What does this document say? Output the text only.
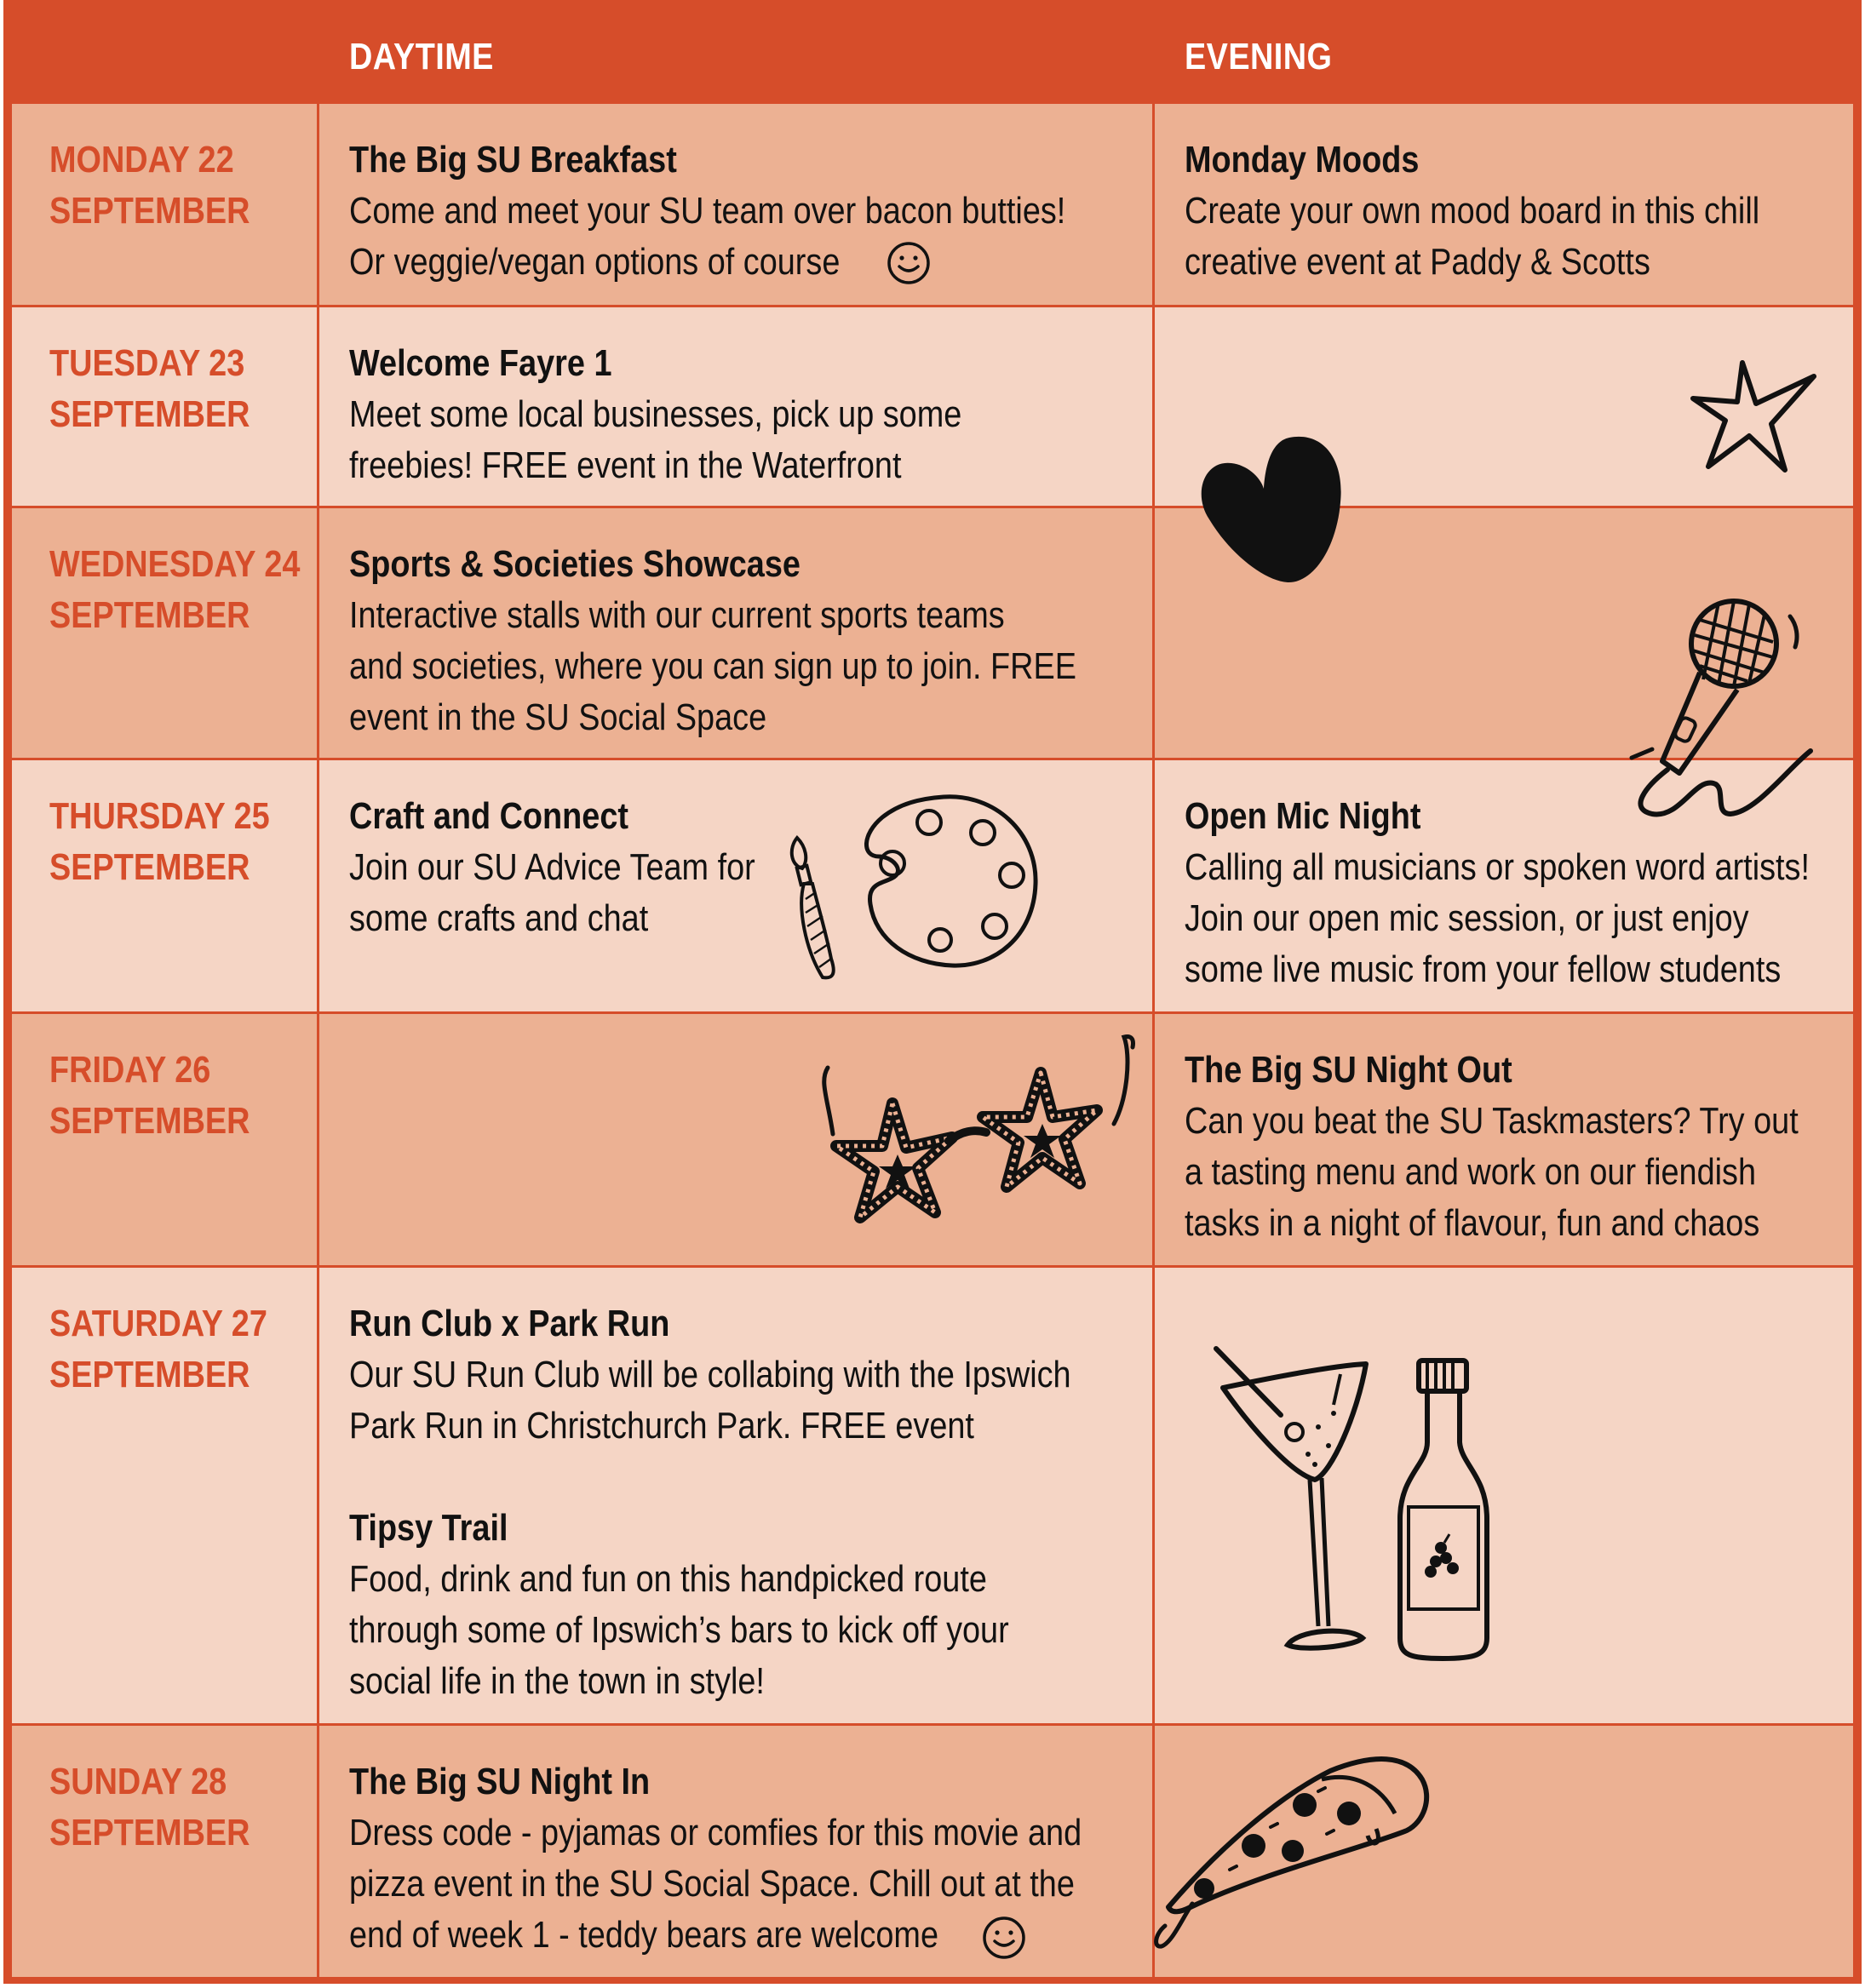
DAYTIME	EVENING
MONDAY 22
SEPTEMBER
The Big SU Breakfast
Come and meet your SU team over bacon butties!
Or veggie/vegan options of course
Monday Moods
Create your own mood board in this chill
creative event at Paddy & Scotts
TUESDAY 23
SEPTEMBER
Welcome Fayre 1
Meet some local businesses, pick up some
freebies! FREE event in the Waterfront
WEDNESDAY 24
SEPTEMBER
Sports & Societies Showcase
Interactive stalls with our current sports teams
and societies, where you can sign up to join. FREE
event in the SU Social Space
THURSDAY 25
SEPTEMBER
Craft and Connect
Join our SU Advice Team for
some crafts and chat
Open Mic Night
Calling all musicians or spoken word artists!
Join our open mic session, or just enjoy
some live music from your fellow students
FRIDAY 26
SEPTEMBER
The Big SU Night Out
Can you beat the SU Taskmasters? Try out
a tasting menu and work on our fiendish
tasks in a night of flavour, fun and chaos
SATURDAY 27
SEPTEMBER
Run Club x Park Run
Our SU Run Club will be collabing with the Ipswich
Park Run in Christchurch Park. FREE event
Tipsy Trail
Food, drink and fun on this handpicked route
through some of Ipswich’s bars to kick off your
social life in the town in style!
SUNDAY 28
SEPTEMBER
The Big SU Night In
Dress code - pyjamas or comfies for this movie and
pizza event in the SU Social Space. Chill out at the
end of week 1 - teddy bears are welcome
